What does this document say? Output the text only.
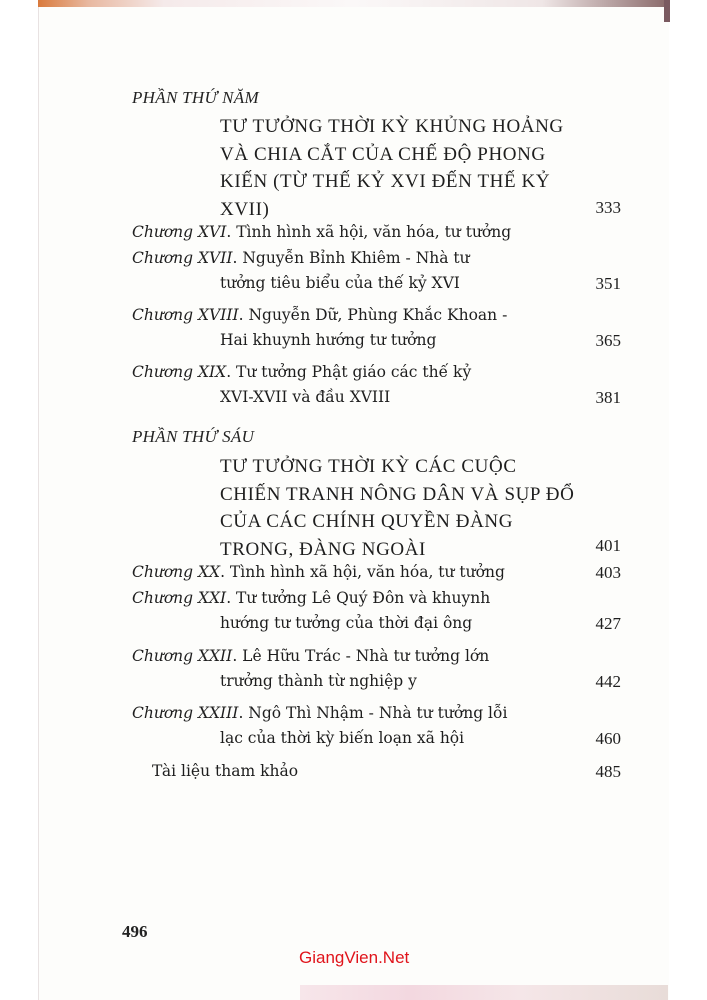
PHẦN THỨ NĂM
TƯ TƯỞNG THỜI KỲ KHỦNG HOẢNG
VÀ CHIA CẮT CỦA CHẾ ĐỘ PHONG
KIẾN (TỪ THẾ KỶ XVI ĐẾN THẾ KỶ
XVII)	333
Chương XVI. Tình hình xã hội, văn hóa, tư tưởng
Chương XVII. Nguyễn Bỉnh Khiêm - Nhà tư
tưởng tiêu biểu của thế kỷ XVI	351
Chương XVIII. Nguyễn Dữ, Phùng Khắc Khoan -
Hai khuynh hướng tư tưởng	365
Chương XIX. Tư tưởng Phật giáo các thế kỷ
XVI-XVII và đầu XVIII	381
PHẦN THỨ SÁU
TƯ TƯỞNG THỜI KỲ CÁC CUỘC
CHIẾN TRANH NÔNG DÂN VÀ SỤP ĐỔ
CỦA CÁC CHÍNH QUYỀN ĐÀNG
TRONG, ĐÀNG NGOÀI	401
Chương XX. Tình hình xã hội, văn hóa, tư tưởng	403
Chương XXI. Tư tưởng Lê Quý Đôn và khuynh
hướng tư tưởng của thời đại ông	427
Chương XXII. Lê Hữu Trác - Nhà tư tưởng lớn
trưởng thành từ nghiệp y	442
Chương XXIII. Ngô Thì Nhậm - Nhà tư tưởng lỗi
lạc của thời kỳ biến loạn xã hội	460
Tài liệu tham khảo	485
496
GiangVien.Net
